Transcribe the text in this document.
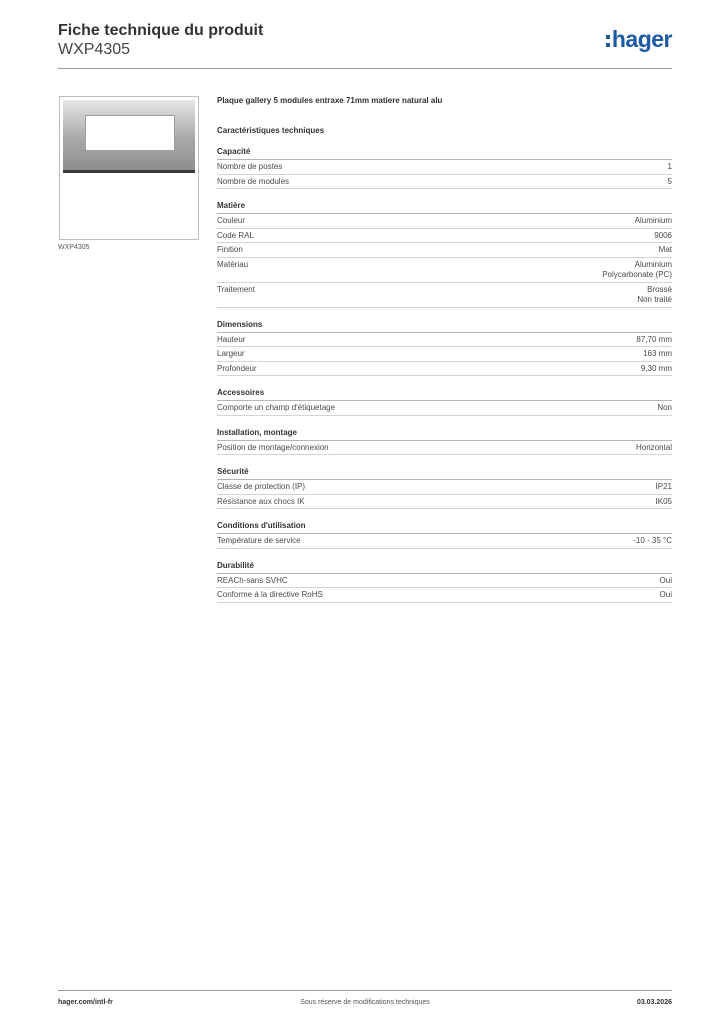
Fiche technique du produit
WXP4305	hager
WXP4305
Plaque gallery 5 modules entraxe 71mm matiere natural alu
Caractéristiques techniques
Capacité
Nombre de postes	1
Nombre de modules	5
Matière
Couleur	Aluminium
Code RAL	9006
Finition	Mat
Matériau	Aluminium
Polycarbonate (PC)
Traitement	Brossé
Non traité
Dimensions
Hauteur	87,70 mm
Largeur	163 mm
Profondeur	9,30 mm
Accessoires
Comporte un champ d'étiquetage	Non
Installation, montage
Position de montage/connexion	Horizontal
Sécurité
Classe de protection (IP)	IP21
Résistance aux chocs IK	IK05
Conditions d'utilisation
Température de service	-10 - 35 °C
Durabilité
REACh-sans SVHC	Oui
Conforme à la directive RoHS	Oui
hager.com/intl-fr	Sous réserve de modifications techniques	03.03.2026
